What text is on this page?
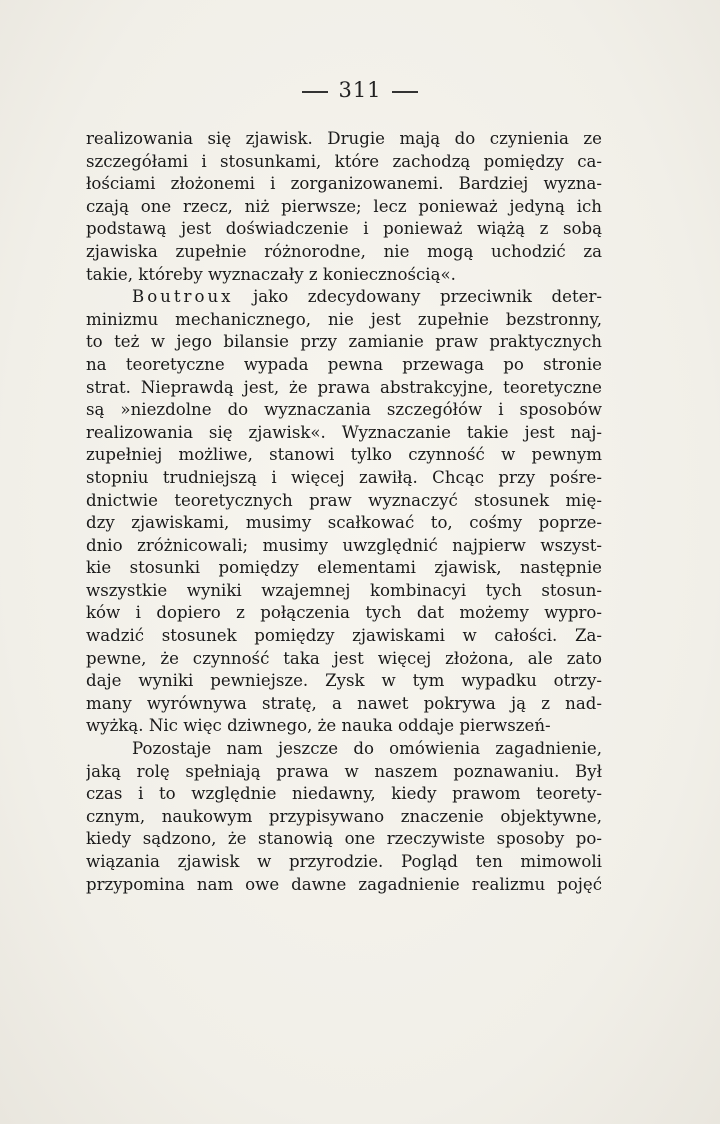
311
realizowania się zjawisk. Drugie mają do czynienia ze
szczegółami i stosunkami, które zachodzą pomiędzy ca-
łościami złożonemi i zorganizowanemi. Bardziej wyzna-
czają one rzecz, niż pierwsze; lecz ponieważ jedyną ich
podstawą jest doświadczenie i ponieważ wiążą z sobą
zjawiska zupełnie różnorodne, nie mogą uchodzić za
takie, któreby wyznaczały z koniecznością«.
Boutroux jako zdecydowany przeciwnik deter-
minizmu mechanicznego, nie jest zupełnie bezstronny,
to też w jego bilansie przy zamianie praw praktycznych
na teoretyczne wypada pewna przewaga po stronie
strat. Nieprawdą jest, że prawa abstrakcyjne, teoretyczne
są »niezdolne do wyznaczania szczegółów i sposobów
realizowania się zjawisk«. Wyznaczanie takie jest naj-
zupełniej możliwe, stanowi tylko czynność w pewnym
stopniu trudniejszą i więcej zawiłą. Chcąc przy pośre-
dnictwie teoretycznych praw wyznaczyć stosunek mię-
dzy zjawiskami, musimy scałkować to, cośmy poprze-
dnio zróżnicowali; musimy uwzględnić najpierw wszyst-
kie stosunki pomiędzy elementami zjawisk, następnie
wszystkie wyniki wzajemnej kombinacyi tych stosun-
ków i dopiero z połączenia tych dat możemy wypro-
wadzić stosunek pomiędzy zjawiskami w całości. Za-
pewne, że czynność taka jest więcej złożona, ale zato
daje wyniki pewniejsze. Zysk w tym wypadku otrzy-
many wyrównywa stratę, a nawet pokrywa ją z nad-
wyżką. Nic więc dziwnego, że nauka oddaje pierwszeń-
Pozostaje nam jeszcze do omówienia zagadnienie,
jaką rolę spełniają prawa w naszem poznawaniu. Był
czas i to względnie niedawny, kiedy prawom teorety-
cznym, naukowym przypisywano znaczenie objektywne,
kiedy sądzono, że stanowią one rzeczywiste sposoby po-
wiązania zjawisk w przyrodzie. Pogląd ten mimowoli
przypomina nam owe dawne zagadnienie realizmu pojęć
